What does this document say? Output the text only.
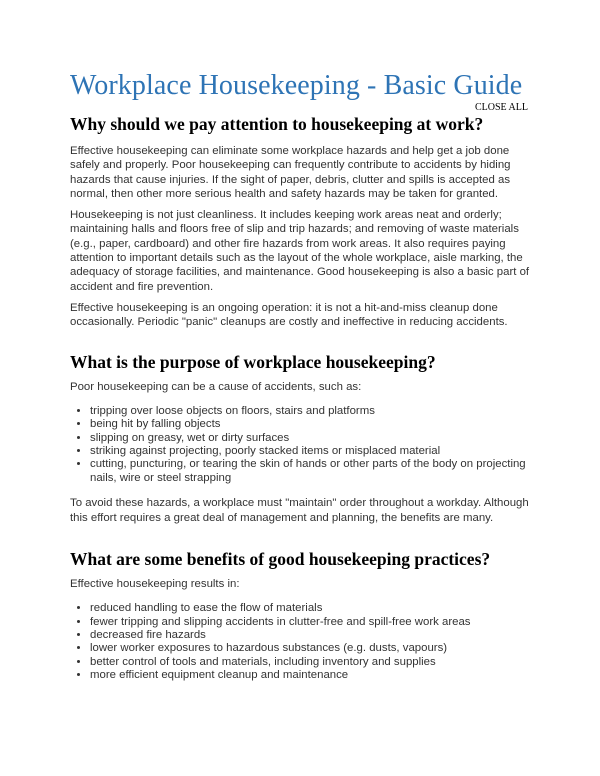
Workplace Housekeeping - Basic Guide
CLOSE ALL
Why should we pay attention to housekeeping at work?

Effective housekeeping can eliminate some workplace hazards and help get a job done safely and properly. Poor housekeeping can frequently contribute to accidents by hiding hazards that cause injuries. If the sight of paper, debris, clutter and spills is accepted as normal, then other more serious health and safety hazards may be taken for granted.

Housekeeping is not just cleanliness. It includes keeping work areas neat and orderly; maintaining halls and floors free of slip and trip hazards; and removing of waste materials (e.g., paper, cardboard) and other fire hazards from work areas. It also requires paying attention to important details such as the layout of the whole workplace, aisle marking, the adequacy of storage facilities, and maintenance. Good housekeeping is also a basic part of accident and fire prevention.

Effective housekeeping is an ongoing operation: it is not a hit-and-miss cleanup done occasionally. Periodic "panic" cleanups are costly and ineffective in reducing accidents.

What is the purpose of workplace housekeeping?

Poor housekeeping can be a cause of accidents, such as:

• tripping over loose objects on floors, stairs and platforms
• being hit by falling objects
• slipping on greasy, wet or dirty surfaces
• striking against projecting, poorly stacked items or misplaced material
• cutting, puncturing, or tearing the skin of hands or other parts of the body on projecting nails, wire or steel strapping

To avoid these hazards, a workplace must "maintain" order throughout a workday. Although this effort requires a great deal of management and planning, the benefits are many.

What are some benefits of good housekeeping practices?

Effective housekeeping results in:

• reduced handling to ease the flow of materials
• fewer tripping and slipping accidents in clutter-free and spill-free work areas
• decreased fire hazards
• lower worker exposures to hazardous substances (e.g. dusts, vapours)
• better control of tools and materials, including inventory and supplies
• more efficient equipment cleanup and maintenance
